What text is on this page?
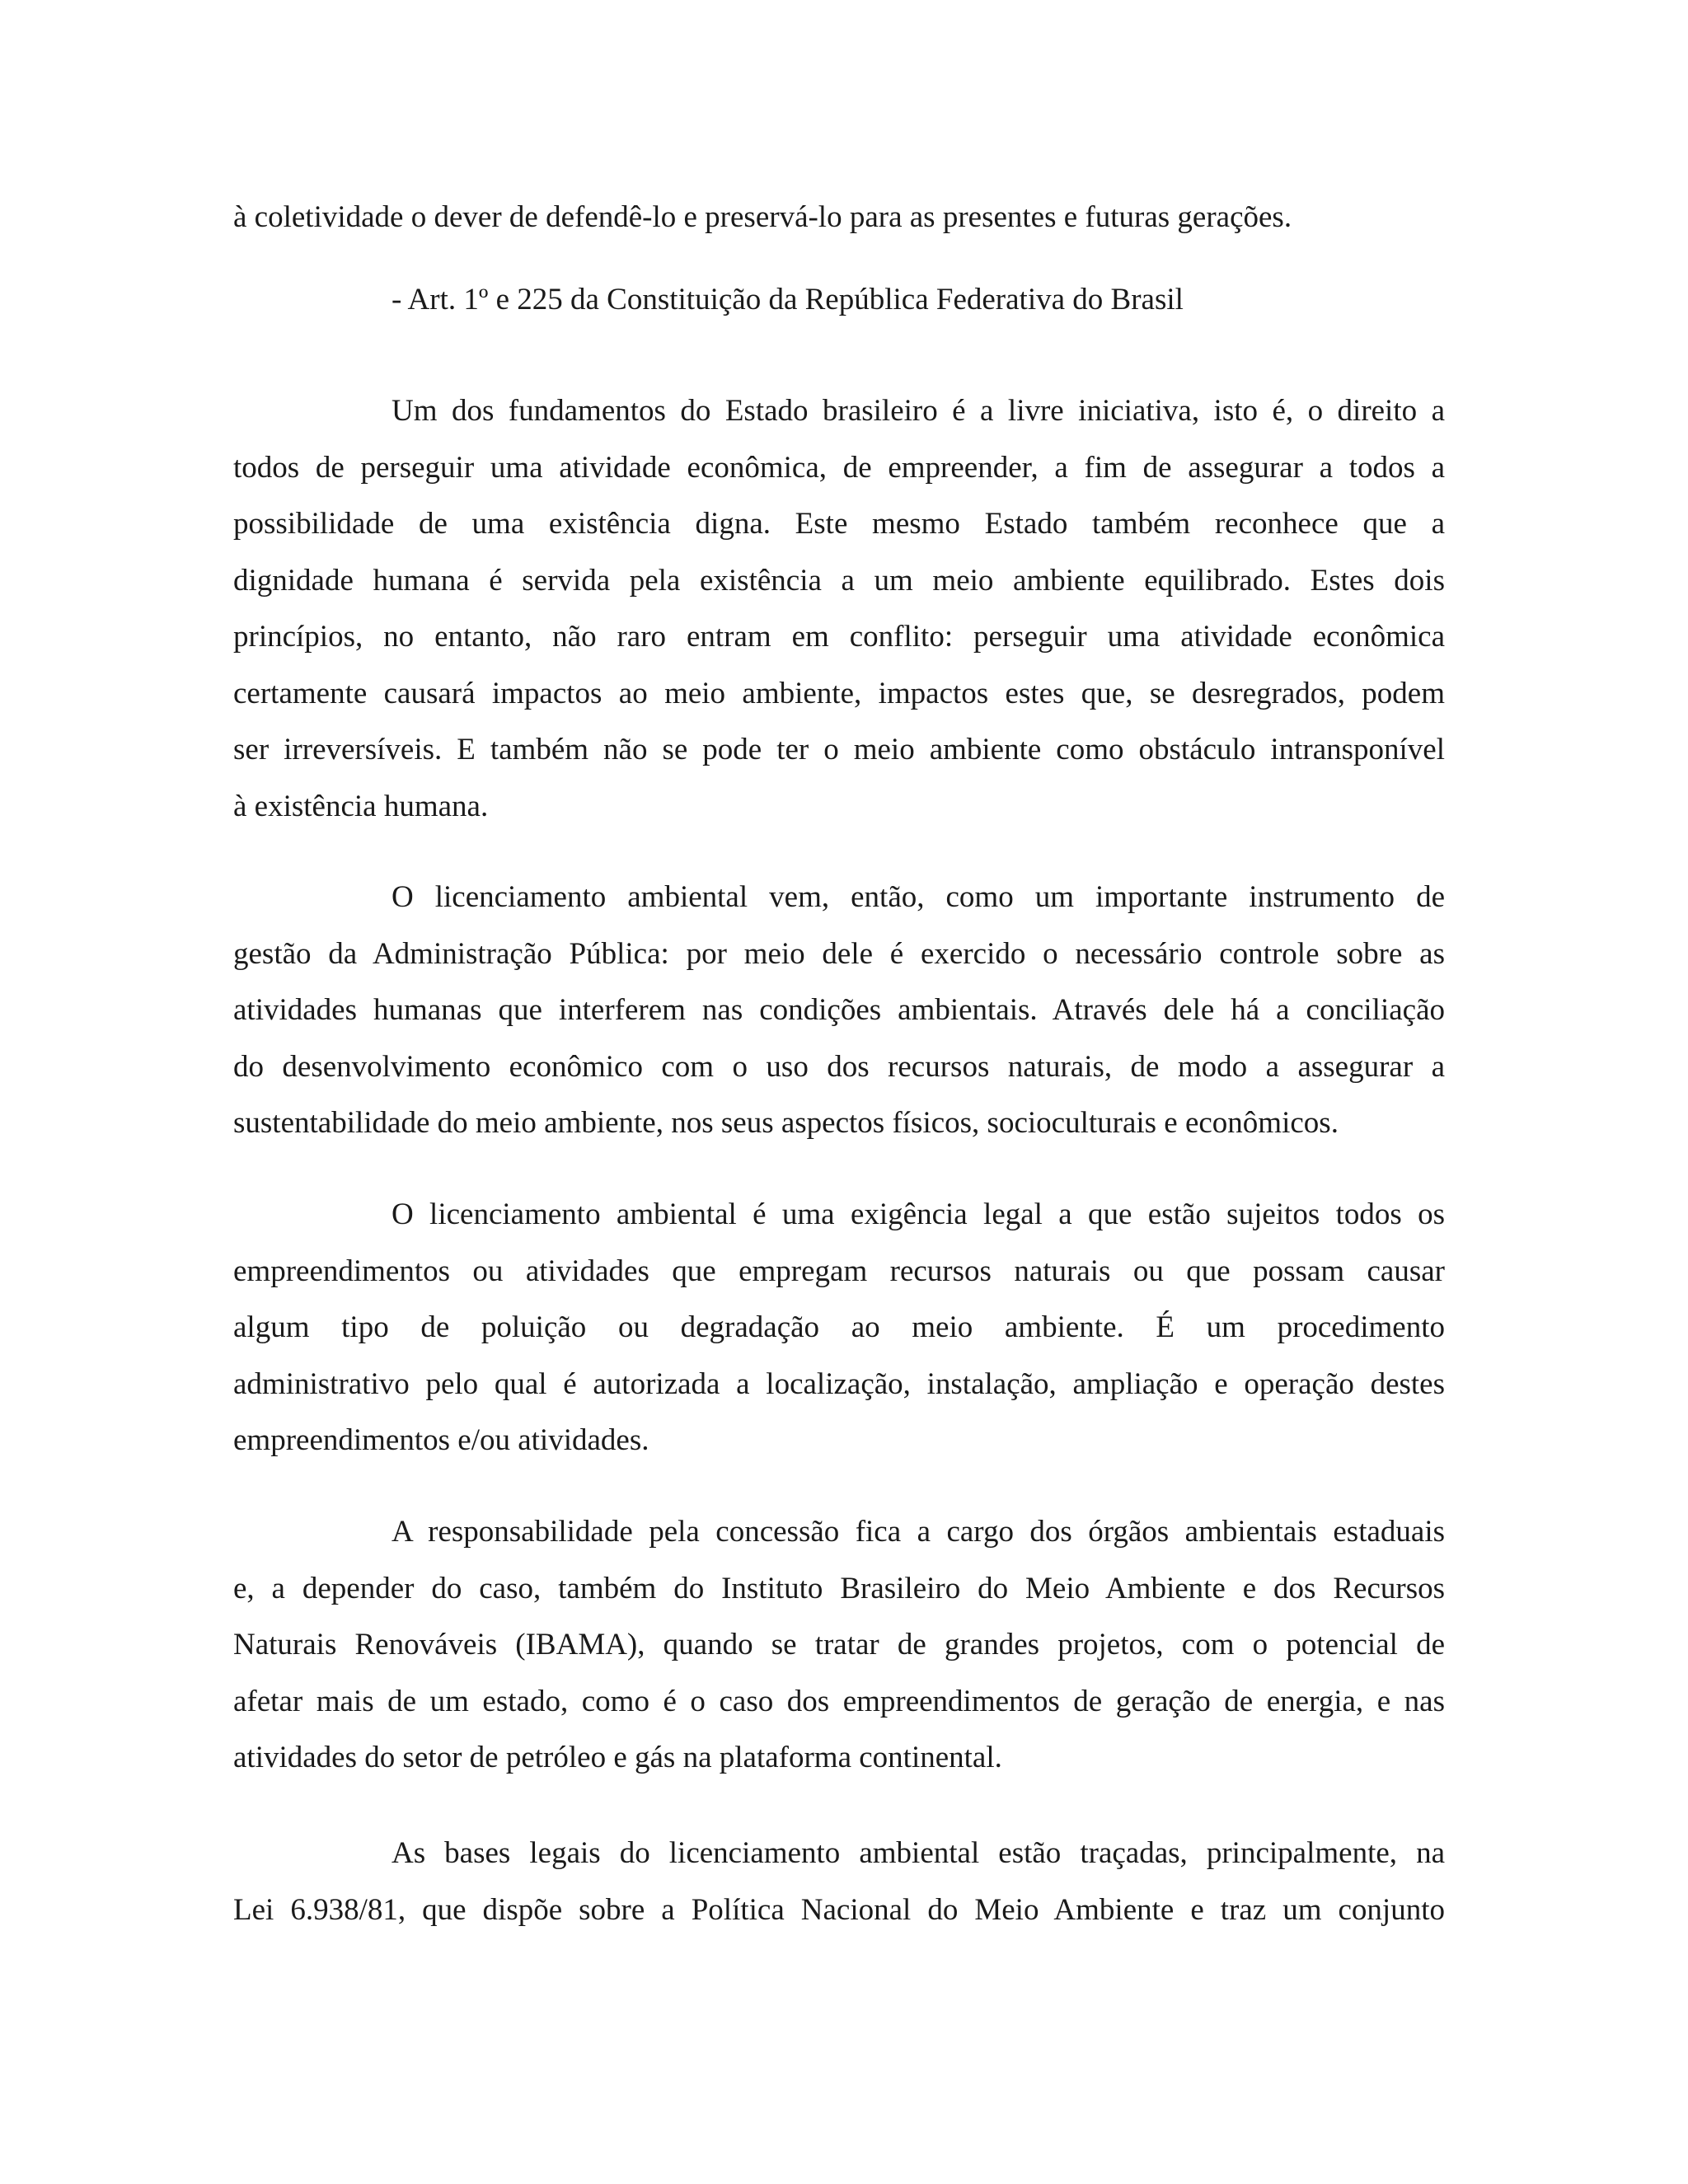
à coletividade o dever de defendê-lo e preservá-lo para as presentes e futuras gerações.
- Art. 1º e 225 da Constituição da República Federativa do Brasil
Um dos fundamentos do Estado brasileiro é a livre iniciativa, isto é, o direito a
todos de perseguir uma atividade econômica, de empreender, a fim de assegurar a todos a
possibilidade de uma existência digna. Este mesmo Estado também reconhece que a
dignidade humana é servida pela existência a um meio ambiente equilibrado. Estes dois
princípios, no entanto, não raro entram em conflito: perseguir uma atividade econômica
certamente causará impactos ao meio ambiente, impactos estes que, se desregrados, podem
ser irreversíveis. E também não se pode ter o meio ambiente como obstáculo intransponível
à existência humana.
O licenciamento ambiental vem, então, como um importante instrumento de
gestão da Administração Pública: por meio dele é exercido o necessário controle sobre as
atividades humanas que interferem nas condições ambientais. Através dele há a conciliação
do desenvolvimento econômico com o uso dos recursos naturais, de modo a assegurar a
sustentabilidade do meio ambiente, nos seus aspectos físicos, socioculturais e econômicos.
O licenciamento ambiental é uma exigência legal a que estão sujeitos todos os
empreendimentos ou atividades que empregam recursos naturais ou que possam causar
algum tipo de poluição ou degradação ao meio ambiente. É um procedimento
administrativo pelo qual é autorizada a localização, instalação, ampliação e operação destes
empreendimentos e/ou atividades.
A responsabilidade pela concessão fica a cargo dos órgãos ambientais estaduais
e, a depender do caso, também do Instituto Brasileiro do Meio Ambiente e dos Recursos
Naturais Renováveis (IBAMA), quando se tratar de grandes projetos, com o potencial de
afetar mais de um estado, como é o caso dos empreendimentos de geração de energia, e nas
atividades do setor de petróleo e gás na plataforma continental.
As bases legais do licenciamento ambiental estão traçadas, principalmente, na
Lei 6.938/81, que dispõe sobre a Política Nacional do Meio Ambiente e traz um conjunto
